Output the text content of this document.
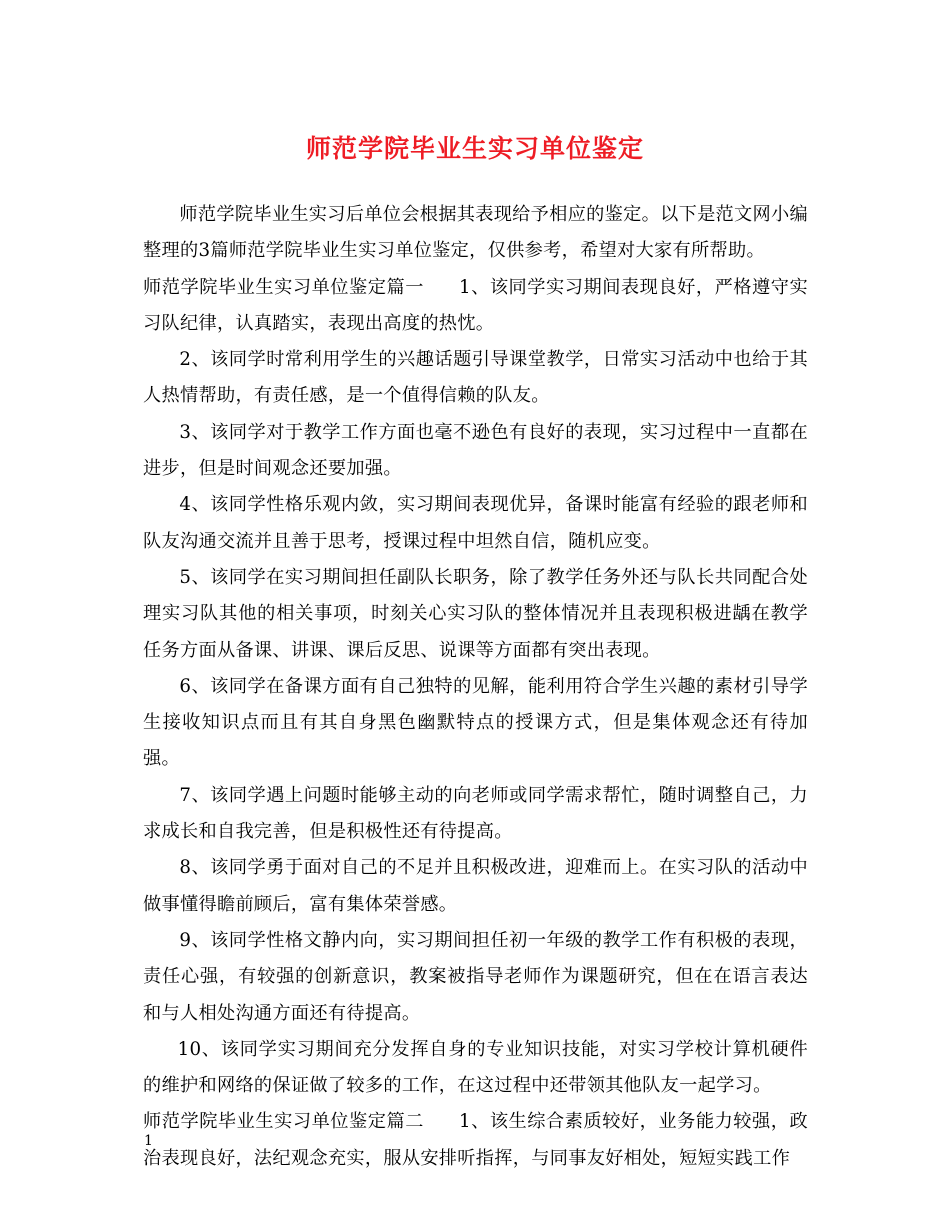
师范学院毕业生实习单位鉴定

师范学院毕业生实习后单位会根据其表现给予相应的鉴定。以下是范文网小编整理的3篇师范学院毕业生实习单位鉴定，仅供参考，希望对大家有所帮助。

师范学院毕业生实习单位鉴定篇一 1、该同学实习期间表现良好，严格遵守实习队纪律，认真踏实，表现出高度的热忱。

2、该同学时常利用学生的兴趣话题引导课堂教学，日常实习活动中也给于其人热情帮助，有责任感，是一个值得信赖的队友。

3、该同学对于教学工作方面也毫不逊色有良好的表现，实习过程中一直都在进步，但是时间观念还要加强。

4、该同学性格乐观内敛，实习期间表现优异，备课时能富有经验的跟老师和队友沟通交流并且善于思考，授课过程中坦然自信，随机应变。

5、该同学在实习期间担任副队长职务，除了教学任务外还与队长共同配合处理实习队其他的相关事项，时刻关心实习队的整体情况并且表现积极进龋在教学任务方面从备课、讲课、课后反思、说课等方面都有突出表现。

6、该同学在备课方面有自己独特的见解，能利用符合学生兴趣的素材引导学生接收知识点而且有其自身黑色幽默特点的授课方式，但是集体观念还有待加强。

7、该同学遇上问题时能够主动的向老师或同学需求帮忙，随时调整自己，力求成长和自我完善，但是积极性还有待提高。

8、该同学勇于面对自己的不足并且积极改进，迎难而上。在实习队的活动中做事懂得瞻前顾后，富有集体荣誉感。

9、该同学性格文静内向，实习期间担任初一年级的教学工作有积极的表现，责任心强，有较强的创新意识，教案被指导老师作为课题研究，但在在语言表达和与人相处沟通方面还有待提高。

10、该同学实习期间充分发挥自身的专业知识技能，对实习学校计算机硬件的维护和网络的保证做了较多的工作，在这过程中还带领其他队友一起学习。

师范学院毕业生实习单位鉴定篇二 1、该生综合素质较好，业务能力较强，政治表现良好，法纪观念充实，服从安排听指挥，与同事友好相处，短短实践工作

1
